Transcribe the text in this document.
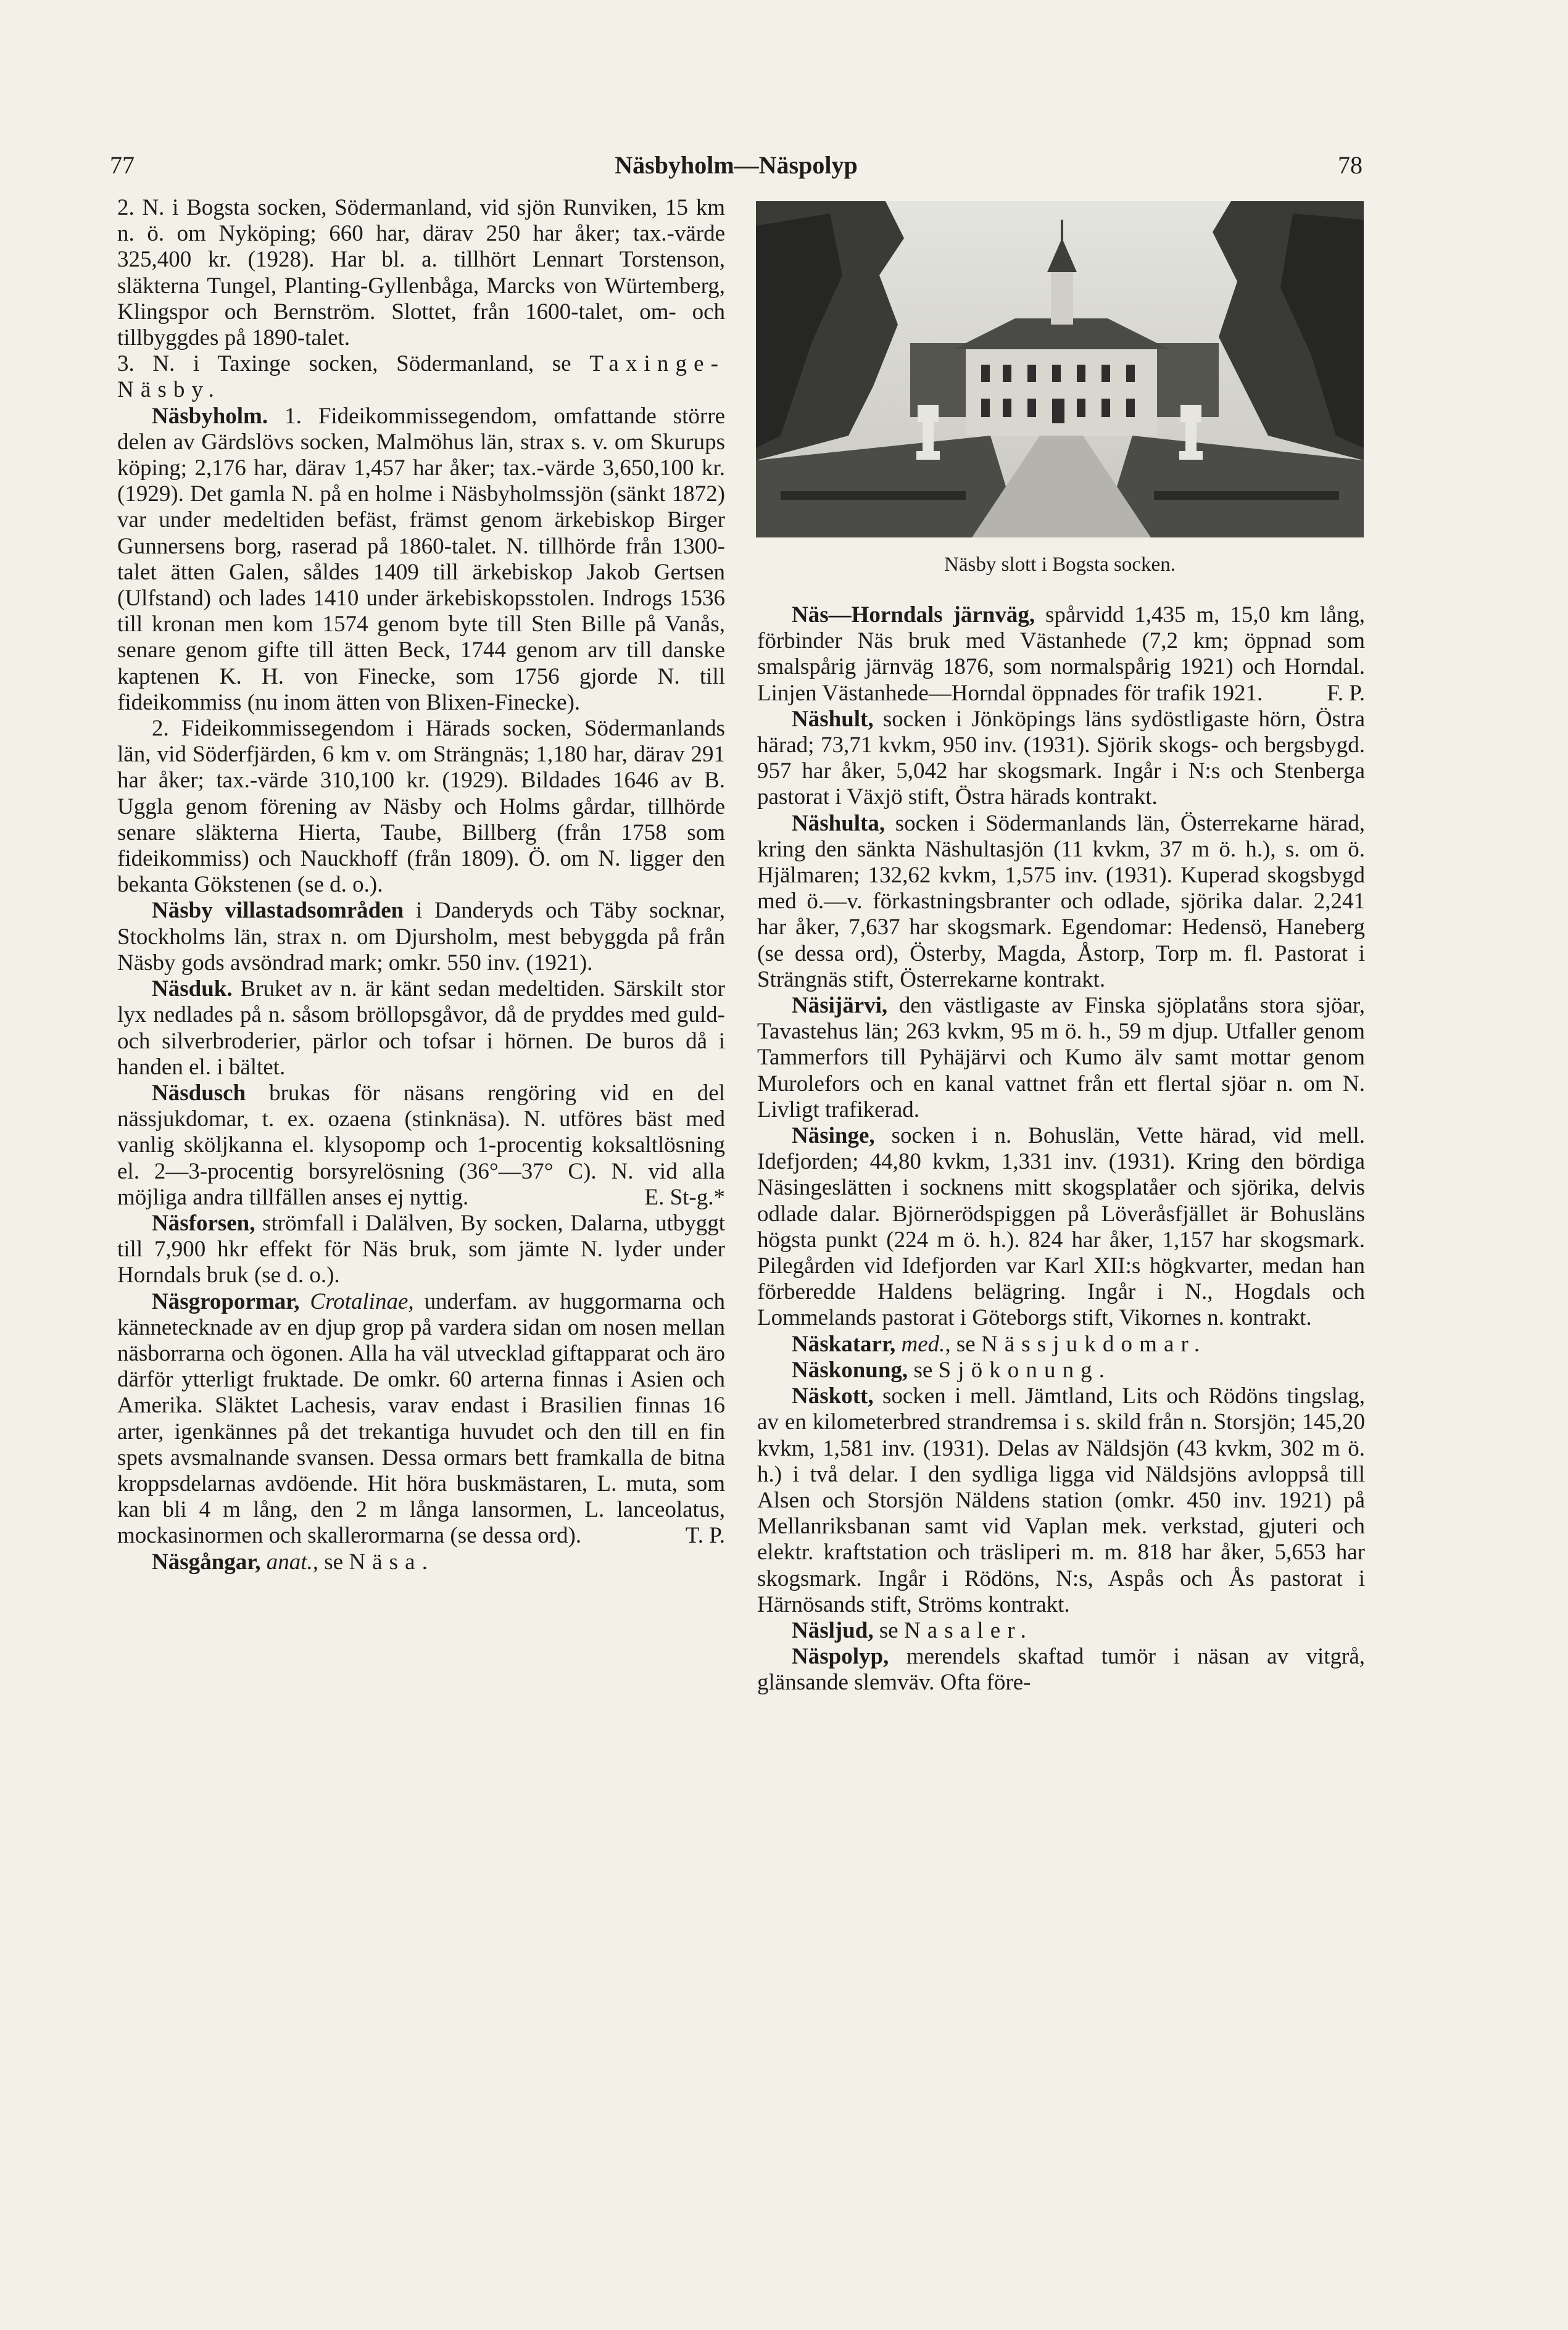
77	Näsbyholm—Näspolyp	78

2. N. i Bogsta socken, Södermanland, vid sjön Runviken, 15 km n. ö. om Nyköping; 660 har, därav 250 har åker; tax.-värde 325,400 kr. (1928). Har bl. a. tillhört Lennart Torstenson, släkterna Tungel, Planting-Gyllenbåga, Marcks von Würtemberg, Klingspor och Bernström. Slottet, från 1600-talet, om- och tillbyggdes på 1890-talet.

3. N. i Taxinge socken, Södermanland, se Taxinge-Näsby.

Näsbyholm. 1. Fideikommissegendom, omfattande större delen av Gärdslövs socken, Malmöhus län, strax s. v. om Skurups köping; 2,176 har, därav 1,457 har åker; tax.-värde 3,650,100 kr. (1929). Det gamla N. på en holme i Näsbyholmssjön (sänkt 1872) var under medeltiden befäst, främst genom ärkebiskop Birger Gunnersens borg, raserad på 1860-talet. N. tillhörde från 1300-talet ätten Galen, såldes 1409 till ärkebiskop Jakob Gertsen (Ulfstand) och lades 1410 under ärkebiskopsstolen. Indrogs 1536 till kronan men kom 1574 genom byte till Sten Bille på Vanås, senare genom gifte till ätten Beck, 1744 genom arv till danske kaptenen K. H. von Finecke, som 1756 gjorde N. till fideikommiss (nu inom ätten von Blixen-Finecke).

2. Fideikommissegendom i Härads socken, Södermanlands län, vid Söderfjärden, 6 km v. om Strängnäs; 1,180 har, därav 291 har åker; tax.-värde 310,100 kr. (1929). Bildades 1646 av B. Uggla genom förening av Näsby och Holms gårdar, tillhörde senare släkterna Hierta, Taube, Billberg (från 1758 som fideikommiss) och Nauckhoff (från 1809). Ö. om N. ligger den bekanta Gökstenen (se d. o.).

Näsby villastadsområden i Danderyds och Täby socknar, Stockholms län, strax n. om Djursholm, mest bebyggda på från Näsby gods avsöndrad mark; omkr. 550 inv. (1921).

Näsduk. Bruket av n. är känt sedan medeltiden. Särskilt stor lyx nedlades på n. såsom bröllopsgåvor, då de pryddes med guld- och silverbroderier, pärlor och tofsar i hörnen. De buros då i handen el. i bältet.

Näsdusch brukas för näsans rengöring vid en del nässjukdomar, t. ex. ozaena (stinknäsa). N. utföres bäst med vanlig sköljkanna el. klysopomp och 1-procentig koksaltlösning el. 2—3-procentig borsyrelösning (36°—37° C). N. vid alla möjliga andra tillfällen anses ej nyttig.	E. St-g.*

Näsforsen, strömfall i Dalälven, By socken, Dalarna, utbyggt till 7,900 hkr effekt för Näs bruk, som jämte N. lyder under Horndals bruk (se d. o.).

Näsgropormar, Crotalinae, underfam. av huggormarna och kännetecknade av en djup grop på vardera sidan om nosen mellan näsborrarna och ögonen. Alla ha väl utvecklad giftapparat och äro därför ytterligt fruktade. De omkr. 60 arterna finnas i Asien och Amerika. Släktet Lachesis, varav endast i Brasilien finnas 16 arter, igenkännes på det trekantiga huvudet och den till en fin spets avsmalnande svansen. Dessa ormars bett framkalla de bitna kroppsdelarnas avdöende. Hit höra buskmästaren, L. muta, som kan bli 4 m lång, den 2 m långa lansormen, L. lanceolatus, mockasinormen och skallerormarna (se dessa ord).	T. P.

Näsgångar, anat., se Näsa.

Näsby slott i Bogsta socken.

Näs—Horndals järnväg, spårvidd 1,435 m, 15,0 km lång, förbinder Näs bruk med Västanhede (7,2 km; öppnad som smalspårig järnväg 1876, som normalspårig 1921) och Horndal. Linjen Västanhede—Horndal öppnades för trafik 1921.	F. P.

Näshult, socken i Jönköpings läns sydöstligaste hörn, Östra härad; 73,71 kvkm, 950 inv. (1931). Sjörik skogs- och bergsbygd. 957 har åker, 5,042 har skogsmark. Ingår i N:s och Stenberga pastorat i Växjö stift, Östra härads kontrakt.

Näshulta, socken i Södermanlands län, Österrekarne härad, kring den sänkta Näshultasjön (11 kvkm, 37 m ö. h.), s. om ö. Hjälmaren; 132,62 kvkm, 1,575 inv. (1931). Kuperad skogsbygd med ö.—v. förkastningsbranter och odlade, sjörika dalar. 2,241 har åker, 7,637 har skogsmark. Egendomar: Hedensö, Haneberg (se dessa ord), Österby, Magda, Åstorp, Torp m. fl. Pastorat i Strängnäs stift, Österrekarne kontrakt.

Näsijärvi, den västligaste av Finska sjöplatåns stora sjöar, Tavastehus län; 263 kvkm, 95 m ö. h., 59 m djup. Utfaller genom Tammerfors till Pyhäjärvi och Kumo älv samt mottar genom Murolefors och en kanal vattnet från ett flertal sjöar n. om N. Livligt trafikerad.

Näsinge, socken i n. Bohuslän, Vette härad, vid mell. Idefjorden; 44,80 kvkm, 1,331 inv. (1931). Kring den bördiga Näsingeslätten i socknens mitt skogsplatåer och sjörika, delvis odlade dalar. Björnerödspiggen på Löveråsfjället är Bohusläns högsta punkt (224 m ö. h.). 824 har åker, 1,157 har skogsmark. Pilegården vid Idefjorden var Karl XII:s högkvarter, medan han förberedde Haldens belägring. Ingår i N., Hogdals och Lommelands pastorat i Göteborgs stift, Vikornes n. kontrakt.

Näskatarr, med., se Nässjukdomar.

Näskonung, se Sjökonung.

Näskott, socken i mell. Jämtland, Lits och Rödöns tingslag, av en kilometerbred strandremsa i s. skild från n. Storsjön; 145,20 kvkm, 1,581 inv. (1931). Delas av Näldsjön (43 kvkm, 302 m ö. h.) i två delar. I den sydliga ligga vid Näldsjöns avloppså till Alsen och Storsjön Näldens station (omkr. 450 inv. 1921) på Mellanriksbanan samt vid Vaplan mek. verkstad, gjuteri och elektr. kraftstation och träsliperi m. m. 818 har åker, 5,653 har skogsmark. Ingår i Rödöns, N:s, Aspås och Ås pastorat i Härnösands stift, Ströms kontrakt.

Näsljud, se Nasaler.

Näspolyp, merendels skaftad tumör i näsan av vitgrå, glänsande slemväv. Ofta före-
